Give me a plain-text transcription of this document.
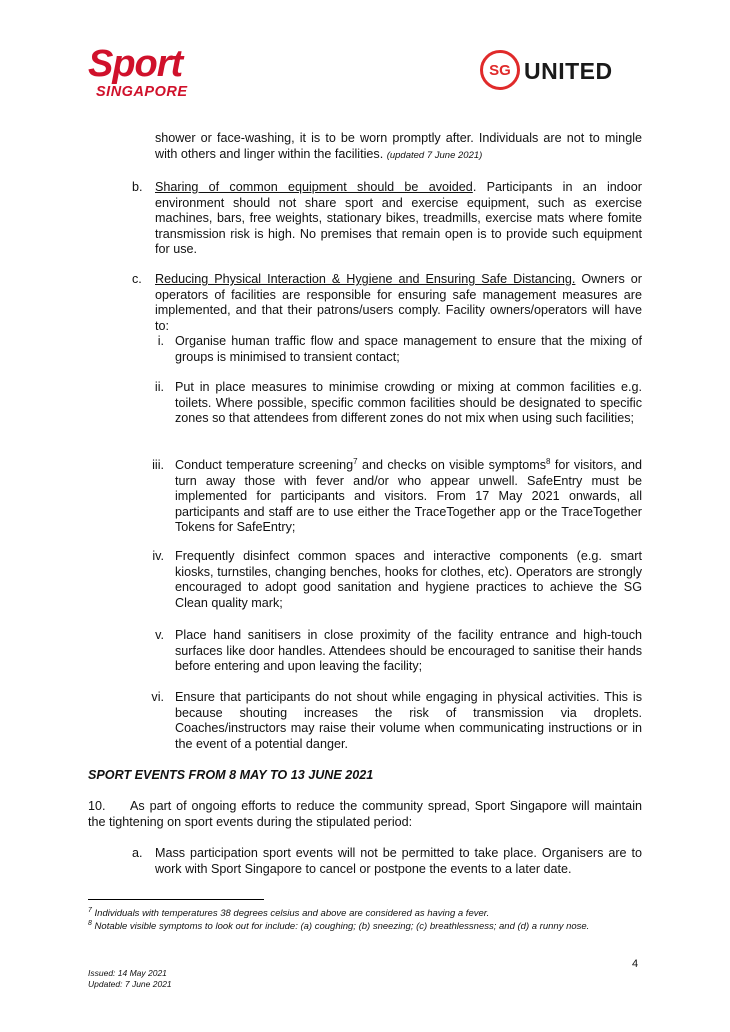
Sport
SINGAPORE
SG UNITED
shower or face-washing, it is to be worn promptly after. Individuals are not to mingle with others and linger within the facilities. (updated 7 June 2021)
b. Sharing of common equipment should be avoided. Participants in an indoor environment should not share sport and exercise equipment, such as exercise machines, bars, free weights, stationary bikes, treadmills, exercise mats where fomite transmission risk is high. No premises that remain open is to provide such equipment for use.
c. Reducing Physical Interaction & Hygiene and Ensuring Safe Distancing. Owners or operators of facilities are responsible for ensuring safe management measures are implemented, and that their patrons/users comply. Facility owners/operators will have to:
i. Organise human traffic flow and space management to ensure that the mixing of groups is minimised to transient contact;
ii. Put in place measures to minimise crowding or mixing at common facilities e.g. toilets. Where possible, specific common facilities should be designated to specific zones so that attendees from different zones do not mix when using such facilities;
iii. Conduct temperature screening$^7$ and checks on visible symptoms$^8$ for visitors, and turn away those with fever and/or who appear unwell. SafeEntry must be implemented for participants and visitors. From 17 May 2021 onwards, all participants and staff are to use either the TraceTogether app or the TraceTogether Tokens for SafeEntry;
iv. Frequently disinfect common spaces and interactive components (e.g. smart kiosks, turnstiles, changing benches, hooks for clothes, etc). Operators are strongly encouraged to adopt good sanitation and hygiene practices to achieve the SG Clean quality mark;
v. Place hand sanitisers in close proximity of the facility entrance and high-touch surfaces like door handles. Attendees should be encouraged to sanitise their hands before entering and upon leaving the facility;
vi. Ensure that participants do not shout while engaging in physical activities. This is because shouting increases the risk of transmission via droplets. Coaches/instructors may raise their volume when communicating instructions or in the event of a potential danger.
SPORT EVENTS FROM 8 MAY TO 13 JUNE 2021
10. As part of ongoing efforts to reduce the community spread, Sport Singapore will maintain the tightening on sport events during the stipulated period:
a. Mass participation sport events will not be permitted to take place. Organisers are to work with Sport Singapore to cancel or postpone the events to a later date.
$^7$ Individuals with temperatures 38 degrees celsius and above are considered as having a fever.
$^8$ Notable visible symptoms to look out for include: (a) coughing; (b) sneezing; (c) breathlessness; and (d) a runny nose.
4
Issued: 14 May 2021
Updated: 7 June 2021
